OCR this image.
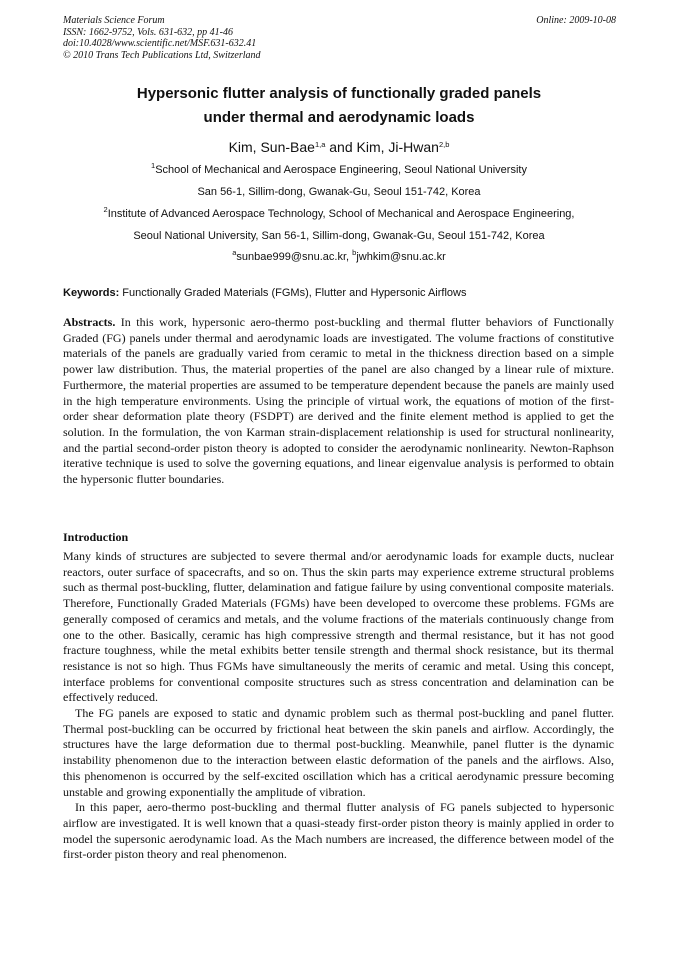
Materials Science Forum
ISSN: 1662-9752, Vols. 631-632, pp 41-46
doi:10.4028/www.scientific.net/MSF.631-632.41
© 2010 Trans Tech Publications Ltd, Switzerland
Online: 2009-10-08
Hypersonic flutter analysis of functionally graded panels
under thermal and aerodynamic loads
Kim, Sun-Bae$^{1,a}$ and Kim, Ji-Hwan$^{2,b}$
$^1$School of Mechanical and Aerospace Engineering, Seoul National University
San 56-1, Sillim-dong, Gwanak-Gu, Seoul 151-742, Korea
$^2$Institute of Advanced Aerospace Technology, School of Mechanical and Aerospace Engineering,
Seoul National University, San 56-1, Sillim-dong, Gwanak-Gu, Seoul 151-742, Korea
$^a$sunbae999@snu.ac.kr, $^b$jwhkim@snu.ac.kr
Keywords: Functionally Graded Materials (FGMs), Flutter and Hypersonic Airflows
Abstracts. In this work, hypersonic aero-thermo post-buckling and thermal flutter behaviors of Functionally Graded (FG) panels under thermal and aerodynamic loads are investigated. The volume fractions of constitutive materials of the panels are gradually varied from ceramic to metal in the thickness direction based on a simple power law distribution. Thus, the material properties of the panel are also changed by a linear rule of mixture. Furthermore, the material properties are assumed to be temperature dependent because the panels are mainly used in the high temperature environments. Using the principle of virtual work, the equations of motion of the first-order shear deformation plate theory (FSDPT) are derived and the finite element method is applied to get the solution. In the formulation, the von Karman strain-displacement relationship is used for structural nonlinearity, and the partial second-order piston theory is adopted to consider the aerodynamic nonlinearity. Newton-Raphson iterative technique is used to solve the governing equations, and linear eigenvalue analysis is performed to obtain the hypersonic flutter boundaries.
Introduction
Many kinds of structures are subjected to severe thermal and/or aerodynamic loads for example ducts, nuclear reactors, outer surface of spacecrafts, and so on. Thus the skin parts may experience extreme structural problems such as thermal post-buckling, flutter, delamination and fatigue failure by using conventional composite materials. Therefore, Functionally Graded Materials (FGMs) have been developed to overcome these problems. FGMs are generally composed of ceramics and metals, and the volume fractions of the materials continuously change from one to the other. Basically, ceramic has high compressive strength and thermal resistance, but it has not good fracture toughness, while the metal exhibits better tensile strength and thermal shock resistance, but its thermal resistance is not so high. Thus FGMs have simultaneously the merits of ceramic and metal. Using this concept, interface problems for conventional composite structures such as stress concentration and delamination can be effectively reduced.
The FG panels are exposed to static and dynamic problem such as thermal post-buckling and panel flutter. Thermal post-buckling can be occurred by frictional heat between the skin panels and airflow. Accordingly, the structures have the large deformation due to thermal post-buckling. Meanwhile, panel flutter is the dynamic instability phenomenon due to the interaction between elastic deformation of the panels and the airflows. Also, this phenomenon is occurred by the self-excited oscillation which has a critical aerodynamic pressure becoming unstable and growing exponentially the amplitude of vibration.
In this paper, aero-thermo post-buckling and thermal flutter analysis of FG panels subjected to hypersonic airflow are investigated. It is well known that a quasi-steady first-order piston theory is mainly applied in order to model the supersonic aerodynamic load. As the Mach numbers are increased, the difference between model of the first-order piston theory and real phenomenon.
